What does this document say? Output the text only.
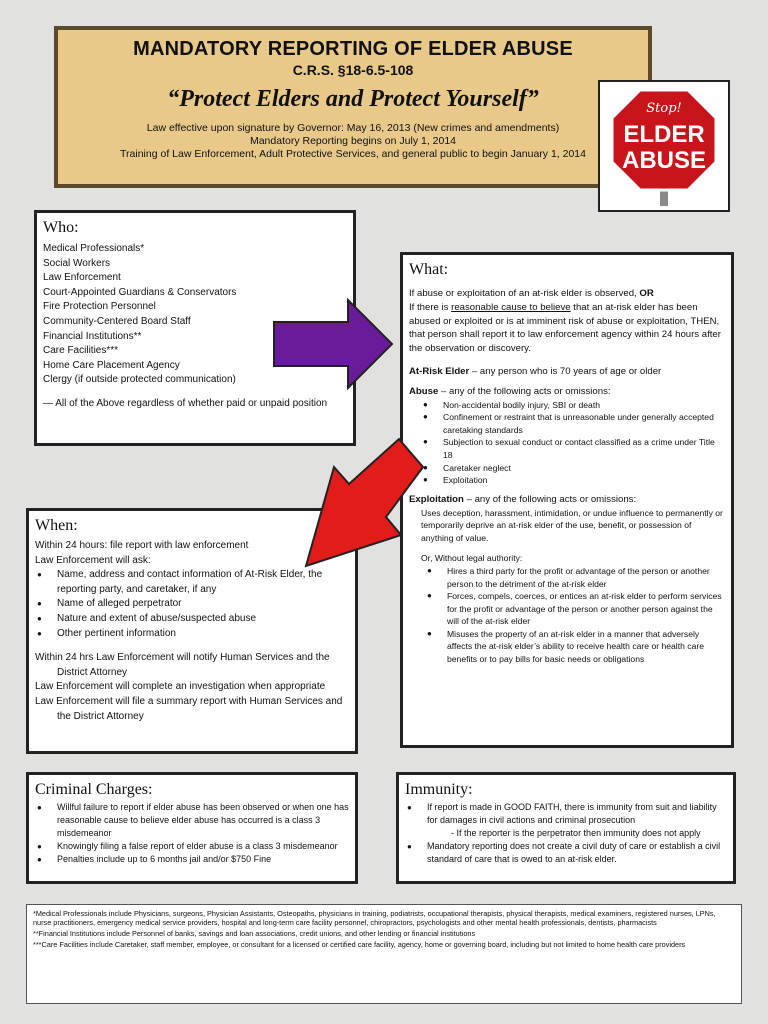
MANDATORY REPORTING OF ELDER ABUSE
C.R.S. §18-6.5-108
“Protect Elders and Protect Yourself”
Law effective upon signature by Governor: May 16, 2013 (New crimes and amendments)
Mandatory Reporting begins on July 1, 2014
Training of Law Enforcement, Adult Protective Services, and general public to begin January 1, 2014
Stop!
ELDER
ABUSE
Who:
Medical Professionals*
Social Workers
Law Enforcement
Court-Appointed Guardians & Conservators
Fire Protection Personnel
Community-Centered Board Staff
Financial Institutions**
Care Facilities***
Home Care Placement Agency
Clergy (if outside protected communication)
— All of the Above regardless of whether paid or unpaid position
What:
If abuse or exploitation of an at-risk elder is observed, OR
If there is reasonable cause to believe that an at-risk elder has been abused or exploited or is at imminent risk of abuse or exploitation, THEN, that person shall report it to law enforcement agency within 24 hours after the observation or discovery.
At-Risk Elder – any person who is 70 years of age or older
Abuse – any of the following acts or omissions:
● Non-accidental bodily injury, SBI or death
● Confinement or restraint that is unreasonable under generally accepted caretaking standards
● Subjection to sexual conduct or contact classified as a crime under Title 18
● Caretaker neglect
● Exploitation
Exploitation – any of the following acts or omissions:
Uses deception, harassment, intimidation, or undue influence to permanently or temporarily deprive an at-risk elder of the use, benefit, or possession of anything of value.
Or, Without legal authority:
● Hires a third party for the profit or advantage of the person or another person to the detriment of the at-risk elder
● Forces, compels, coerces, or entices an at-risk elder to perform services for the profit or advantage of the person or another person against the will of the at-risk elder
● Misuses the property of an at-risk elder in a manner that adversely affects the at-risk elder’s ability to receive health care or health care benefits or to pay bills for basic needs or obligations
When:
Within 24 hours: file report with law enforcement
Law Enforcement will ask:
● Name, address and contact information of At-Risk Elder, the reporting party, and caretaker, if any
● Name of alleged perpetrator
● Nature and extent of abuse/suspected abuse
● Other pertinent information
Within 24 hrs Law Enforcement will notify Human Services and the District Attorney
Law Enforcement will complete an investigation when appropriate
Law Enforcement will file a summary report with Human Services and the District Attorney
Criminal Charges:
● Willful failure to report if elder abuse has been observed or when one has reasonable cause to believe elder abuse has occurred is a class 3 misdemeanor
● Knowingly filing a false report of elder abuse is a class 3 misdemeanor
● Penalties include up to 6 months jail and/or $750 Fine
Immunity:
● If report is made in GOOD FAITH, there is immunity from suit and liability for damages in civil actions and criminal prosecution
- If the reporter is the perpetrator then immunity does not apply
● Mandatory reporting does not create a civil duty of care or establish a civil standard of care that is owed to an at-risk elder.

*Medical Professionals include Physicians, surgeons, Physician Assistants, Osteopaths, physicians in training, podiatrists, occupational therapists, physical therapists, medical examiners, registered nurses, LPNs, nurse practitioners, emergency medical service providers, hospital and long-term care facility personnel, chiropractors, psychologists and other mental health professionals, dentists, pharmacists

**Financial Institutions include Personnel of banks, savings and loan associations, credit unions, and other lending or financial institutions

***Care Facilities include Caretaker, staff member, employee, or consultant for a licensed or certified care facility, agency, home or governing board, including but not limited to home health care providers
